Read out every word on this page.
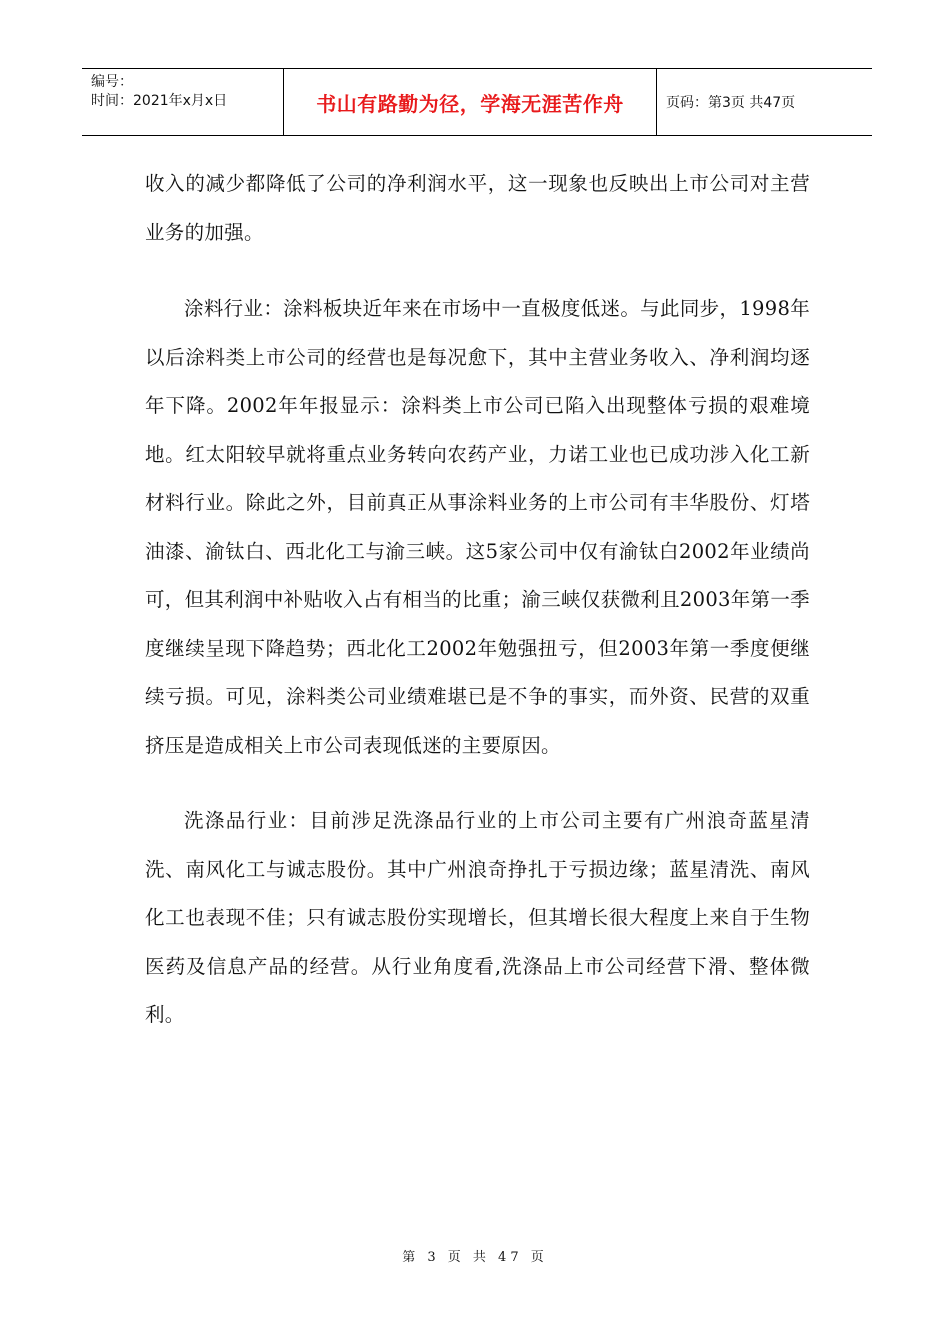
编号：
时间：2021年x月x日	书山有路勤为径，学海无涯苦作舟	页码：第3页 共47页

收入的减少都降低了公司的净利润水平，这一现象也反映出上市公司对主营业务的加强。

涂料行业：涂料板块近年来在市场中一直极度低迷。与此同步，1998年以后涂料类上市公司的经营也是每况愈下，其中主营业务收入、净利润均逐年下降。2002年年报显示：涂料类上市公司已陷入出现整体亏损的艰难境地。红太阳较早就将重点业务转向农药产业，力诺工业也已成功涉入化工新材料行业。除此之外，目前真正从事涂料业务的上市公司有丰华股份、灯塔油漆、渝钛白、西北化工与渝三峡。这5家公司中仅有渝钛白2002年业绩尚可，但其利润中补贴收入占有相当的比重；渝三峡仅获微利且2003年第一季度继续呈现下降趋势；西北化工2002年勉强扭亏，但2003年第一季度便继续亏损。可见，涂料类公司业绩难堪已是不争的事实，而外资、民营的双重挤压是造成相关上市公司表现低迷的主要原因。

洗涤品行业：目前涉足洗涤品行业的上市公司主要有广州浪奇蓝星清洗、南风化工与诚志股份。其中广州浪奇挣扎于亏损边缘；蓝星清洗、南风化工也表现不佳；只有诚志股份实现增长，但其增长很大程度上来自于生物医药及信息产品的经营。从行业角度看,洗涤品上市公司经营下滑、整体微利。

第 3 页 共 47 页
